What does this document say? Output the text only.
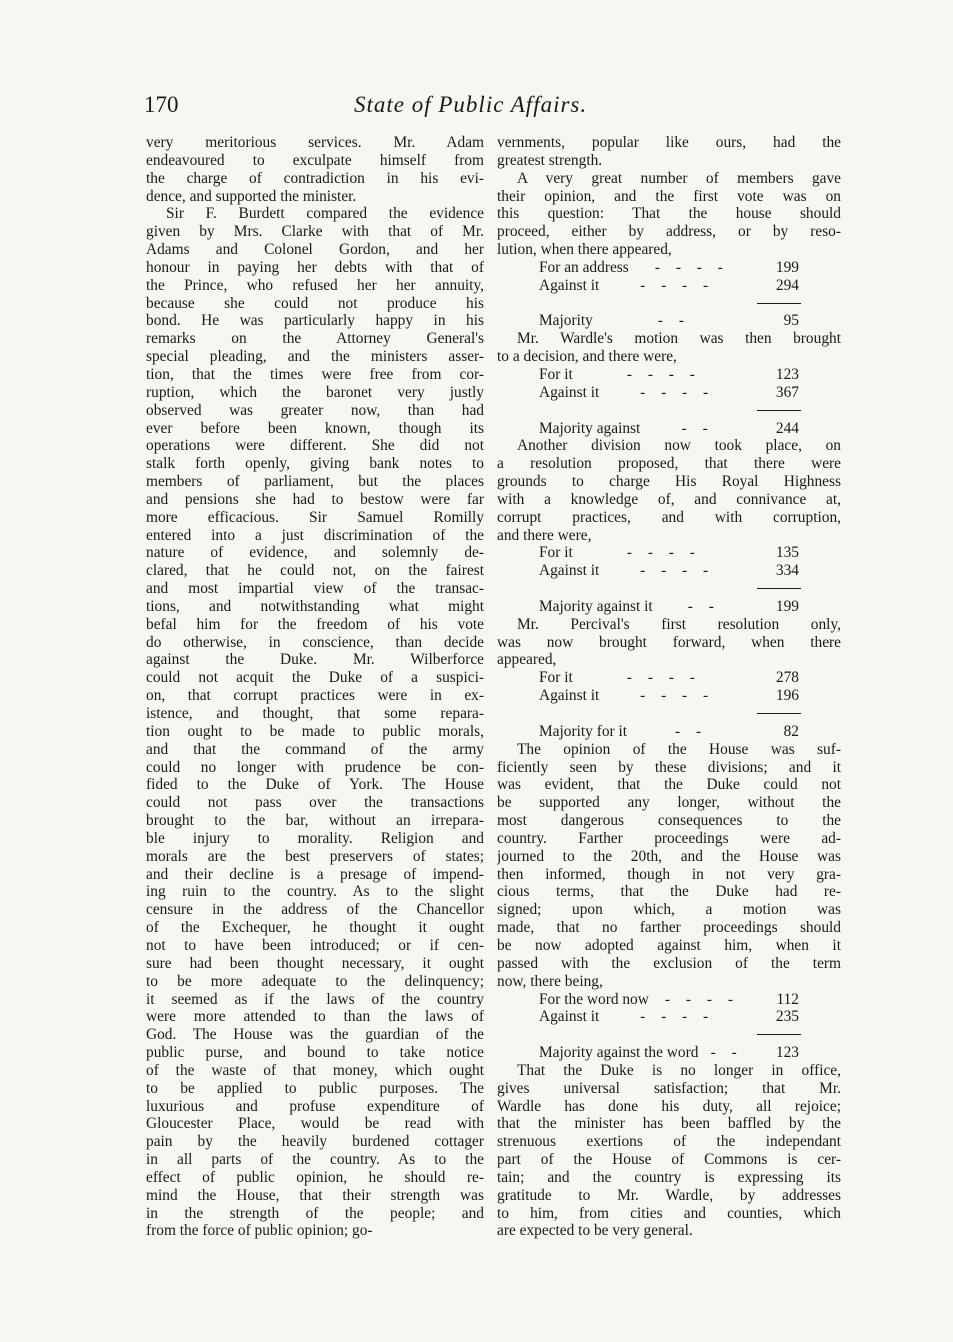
170	State of Public Affairs.
very meritorious services. Mr. Adam
endeavoured to exculpate himself from
the charge of contradiction in his evi-
dence, and supported the minister.
Sir F. Burdett compared the evidence
given by Mrs. Clarke with that of Mr.
Adams and Colonel Gordon, and her
honour in paying her debts with that of
the Prince, who refused her her annuity,
because she could not produce his
bond. He was particularly happy in his
remarks on the Attorney General's
special pleading, and the ministers asser-
tion, that the times were free from cor-
ruption, which the baronet very justly
observed was greater now, than had
ever before been known, though its
operations were different. She did not
stalk forth openly, giving bank notes to
members of parliament, but the places
and pensions she had to bestow were far
more efficacious. Sir Samuel Romilly
entered into a just discrimination of the
nature of evidence, and solemnly de-
clared, that he could not, on the fairest
and most impartial view of the transac-
tions, and notwithstanding what might
befal him for the freedom of his vote
do otherwise, in conscience, than decide
against the Duke. Mr. Wilberforce
could not acquit the Duke of a suspici-
on, that corrupt practices were in ex-
istence, and thought, that some repara-
tion ought to be made to public morals,
and that the command of the army
could no longer with prudence be con-
fided to the Duke of York. The House
could not pass over the transactions
brought to the bar, without an irrepara-
ble injury to morality. Religion and
morals are the best preservers of states;
and their decline is a presage of impend-
ing ruin to the country. As to the slight
censure in the address of the Chancellor
of the Exchequer, he thought it ought
not to have been introduced; or if cen-
sure had been thought necessary, it ought
to be more adequate to the delinquency;
it seemed as if the laws of the country
were more attended to than the laws of
God. The House was the guardian of the
public purse, and bound to take notice
of the waste of that money, which ought
to be applied to public purposes. The
luxurious and profuse expenditure of
Gloucester Place, would be read with
pain by the heavily burdened cottager
in all parts of the country. As to the
effect of public opinion, he should re-
mind the House, that their strength was
in the strength of the people; and
from the force of public opinion; go-
vernments, popular like ours, had the
greatest strength.
A very great number of members gave
their opinion, and the first vote was on
this question: That the house should
proceed, either by address, or by reso-
lution, when there appeared,
For an address	- - - -	199
Against it	- - - -	294
Majority	- -	95
Mr. Wardle's motion was then brought
to a decision, and there were,
For it	- - - -	123
Against it	- - - -	367
Majority against	- -	244
Another division now took place, on
a resolution proposed, that there were
grounds to charge His Royal Highness
with a knowledge of, and connivance at,
corrupt practices, and with corruption,
and there were,
For it	- - - -	135
Against it	- - - -	334
Majority against it	- -	199
Mr. Percival's first resolution only,
was now brought forward, when there
appeared,
For it	- - - -	278
Against it	- - - -	196
Majority for it	- -	82
The opinion of the House was suf-
ficiently seen by these divisions; and it
was evident, that the Duke could not
be supported any longer, without the
most dangerous consequences to the
country. Farther proceedings were ad-
journed to the 20th, and the House was
then informed, though in not very gra-
cious terms, that the Duke had re-
signed; upon which, a motion was
made, that no farther proceedings should
be now adopted against him, when it
passed with the exclusion of the term
now, there being,
For the word now	- - - -	112
Against it	- - - -	235
Majority against the word - -	123
That the Duke is no longer in office,
gives universal satisfaction; that Mr.
Wardle has done his duty, all rejoice;
that the minister has been baffled by the
strenuous exertions of the independant
part of the House of Commons is cer-
tain; and the country is expressing its
gratitude to Mr. Wardle, by addresses
to him, from cities and counties, which
are expected to be very general.
